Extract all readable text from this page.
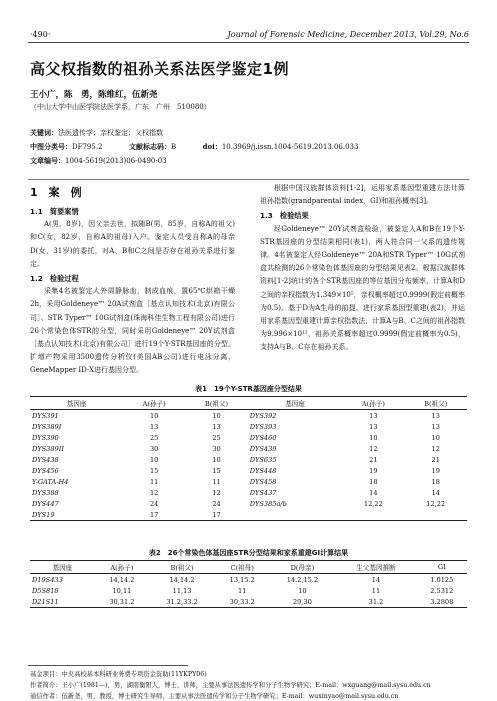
·490·	Journal of Forensic Medicine, December 2013, Vol.29, No.6
高父权指数的祖孙关系法医学鉴定1例
王小广，陈　勇，陈维红，伍新尧
（中山大学中山医学院法医学系，广东　广州　510080）
关键词：法医遗传学；亲权鉴定；父权指数
中图分类号：DF795.2	文献标志码：B	doi：10.3969/j.issn.1004-5619.2013.06.033
文章编号：1004-5619(2013)06-0490-03
1　案　例
1.1　简要案情

A(男，8岁)，因父亲去世，拟随B(男，85岁，自称A的祖父)和C(女，82岁，自称A的祖母)入户。鉴定人员受自称A的母亲D(女，31岁)的委托，对A、B和C之间是否存在祖孙关系进行鉴定。

1.2　检验过程

采集4名被鉴定人外周静脉血，制成血痕，置65℃烘箱干燥2h，采用Goldeneye™ 20A试剂盒［基点认知技术(北京)有限公司］、STR Typer™ 10G试剂盒(珠海科佳生物工程有限公司)进行26个常染色体STR的分型，同时采用Goldeneye™ 20Y试剂盒［基点认知技术(北京)有限公司］进行19个Y-STR基因座的分型。扩增产物采用3500遗传分析仪(美国AB公司)进行电泳分离，GeneMapper ID-X进行基因分型。

根据中国汉族群体资料[1-2]，运用家系基因型重建方法计算祖孙指数(grandparental index，GI)和祖孙概率[3]。

1.3　检验结果

经Goldeneye™ 20Y试剂盒检验，被鉴定人A和B在19个Y-STR基因座的分型结果相同(表1)，两人符合同一父系的遗传规律。4名被鉴定人经Goldeneye™ 20A和STR Typer™ 10G试剂盒共检测的26个常染色体基因座的分型结果见表2。根据汉族群体资料[1-2]统计的各个STR基因座的等位基因分布频率，计算A和D之间的亲权指数为1.349×10⁵，亲权概率超过0.9999(假定前概率为0.5)。基于D为A生母的前提，进行家系基因型重建(表2)，并运用家系基因型重建计算亲权指数法，计算A与B、C之间的祖孙指数为9.996×10¹²，祖孙关系概率超过0.9999(假定前概率为0.5)，支持A与B、C存在祖孙关系。

表1　19个Y-STR基因座分型结果
基因座	A(孙子)	B(祖父)	基因座	A(孙子)	B(祖父)
DYS391	10	10	DYS392	13	13
DYS389I	13	13	DYS393	13	13
DYS390	25	25	DYS460	10	10
DYS389II	30	30	DYS439	12	12
DYS438	10	10	DYS635	21	21
DYS456	15	15	DYS448	19	19
Y-GATA-H4	11	11	DYS458	18	18
DYS388	12	12	DYS437	14	14
DYS447	24	24	DYS385a/b	12,22	12,22
DYS19	17	17			
表2　26个常染色体基因座STR分型结果和家系重建GI计算结果
基因座	A(孙子)	B(祖父)	C(祖母)	D(母亲)	生父基因推断	GI
D19S433	14,14.2	14,14.2	13,15.2	14.2,15.2	14	1.0125
D5S818	10,11	11,13	11	10	11	2.5312
D21S11	30,31.2	31.2,33.2	30,33.2	29,30	31.2	3.2808
基金项目：中央高校基本科研业务费专项资金资助(11YKPY06)
作者简介：王小广(1981—)，男，湖南衡阳人，博士，讲师，主要从事法医遗传学和分子生物学研究；E-mail：wxguang@mail.sysu.edu.cn
通信作者：伍新尧，男，教授，博士研究生导师，主要从事法医遗传学和分子生物学研究；E-mail：wuxinyao@mail.sysu.edu.cn
